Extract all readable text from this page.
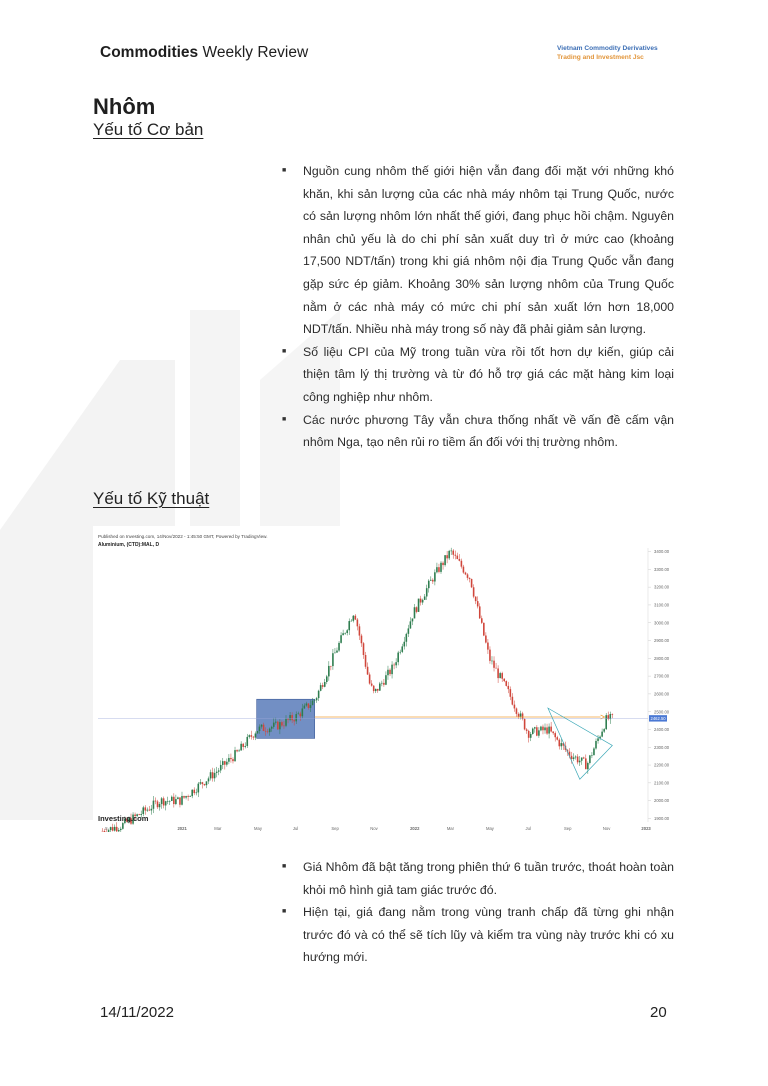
Commodities Weekly Review	Vietnam Commodity Derivatives
Trading and Investment Jsc
Nhôm
Yếu tố Cơ bản
■ Nguồn cung nhôm thế giới hiện vẫn đang đối mặt với những khó khăn, khi sản lượng của các nhà máy nhôm tại Trung Quốc, nước có sản lượng nhôm lớn nhất thế giới, đang phục hồi chậm. Nguyên nhân chủ yếu là do chi phí sản xuất duy trì ở mức cao (khoảng 17,500 NDT/tấn) trong khi giá nhôm nội địa Trung Quốc vẫn đang gặp sức ép giảm. Khoảng 30% sản lượng nhôm của Trung Quốc nằm ở các nhà máy có mức chi phí sản xuất lớn hơn 18,000 NDT/tấn. Nhiều nhà máy trong số này đã phải giảm sản lượng.
■ Số liệu CPI của Mỹ trong tuần vừa rồi tốt hơn dự kiến, giúp cải thiện tâm lý thị trường và từ đó hỗ trợ giá các mặt hàng kim loại công nghiệp như nhôm.
■ Các nước phương Tây vẫn chưa thống nhất về vấn đề cấm vận nhôm Nga, tạo nên rủi ro tiềm ẩn đối với thị trường nhôm.
Yếu tố Kỹ thuật
Published on Investing.com, 14/Nov/2022 - 1:45:50 GMT, Powered by TradingView.
Aluminium, (CTD):MAL, D
2462.50
1900.00
2000.00
2100.00
2200.00
2300.00
2400.00
2500.00
2600.00
2700.00
2800.00
2900.00
3000.00
3100.00
3200.00
3300.00
3400.00
S	2021	Mar	May	Jul	Sep	Nov	2022	Mar	May	Jul	Sep	Nov	2023
Investing.com
■ Giá Nhôm đã bật tăng trong phiên thứ 6 tuần trước, thoát hoàn toàn khỏi mô hình giả tam giác trước đó.
■ Hiện tại, giá đang nằm trong vùng tranh chấp đã từng ghi nhận trước đó và có thể sẽ tích lũy và kiểm tra vùng này trước khi có xu hướng mới.
14/11/2022	20
